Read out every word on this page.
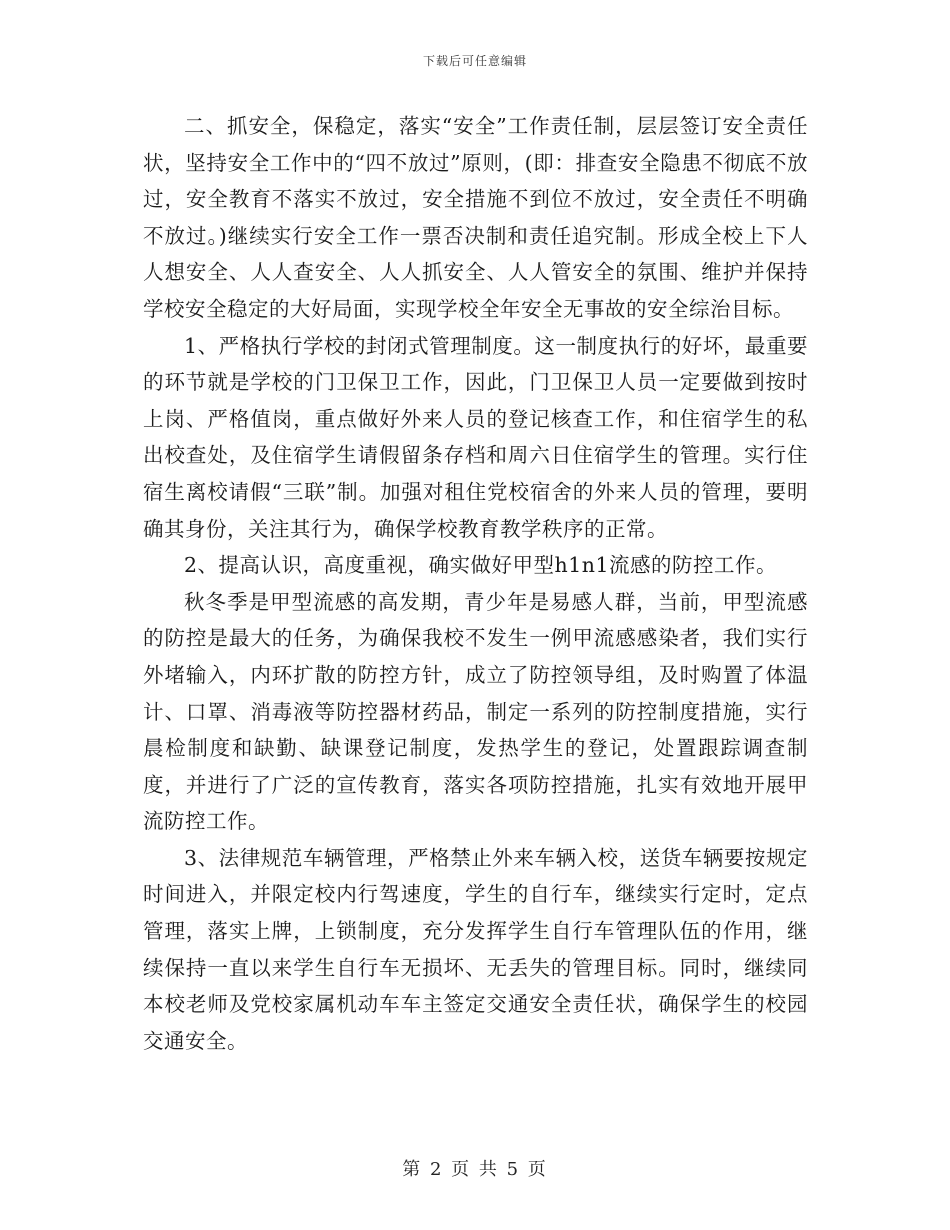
下载后可任意编辑

二、抓安全，保稳定，落实“安全”工作责任制，层层签订安全责任状，坚持安全工作中的“四不放过”原则，(即：排查安全隐患不彻底不放过，安全教育不落实不放过，安全措施不到位不放过，安全责任不明确不放过。)继续实行安全工作一票否决制和责任追究制。形成全校上下人人想安全、人人查安全、人人抓安全、人人管安全的氛围、维护并保持学校安全稳定的大好局面，实现学校全年安全无事故的安全综治目标。

1、严格执行学校的封闭式管理制度。这一制度执行的好坏，最重要的环节就是学校的门卫保卫工作，因此，门卫保卫人员一定要做到按时上岗、严格值岗，重点做好外来人员的登记核查工作，和住宿学生的私出校查处，及住宿学生请假留条存档和周六日住宿学生的管理。实行住宿生离校请假“三联”制。加强对租住党校宿舍的外来人员的管理，要明确其身份，关注其行为，确保学校教育教学秩序的正常。

2、提高认识，高度重视，确实做好甲型h1n1流感的防控工作。

秋冬季是甲型流感的高发期，青少年是易感人群，当前，甲型流感的防控是最大的任务，为确保我校不发生一例甲流感感染者，我们实行外堵输入，内环扩散的防控方针，成立了防控领导组，及时购置了体温计、口罩、消毒液等防控器材药品，制定一系列的防控制度措施，实行晨检制度和缺勤、缺课登记制度，发热学生的登记，处置跟踪调查制度，并进行了广泛的宣传教育，落实各项防控措施，扎实有效地开展甲流防控工作。

3、法律规范车辆管理，严格禁止外来车辆入校，送货车辆要按规定时间进入，并限定校内行驾速度，学生的自行车，继续实行定时，定点管理，落实上牌，上锁制度，充分发挥学生自行车管理队伍的作用，继续保持一直以来学生自行车无损坏、无丢失的管理目标。同时，继续同本校老师及党校家属机动车车主签定交通安全责任状，确保学生的校园交通安全。

第 2 页 共 5 页
